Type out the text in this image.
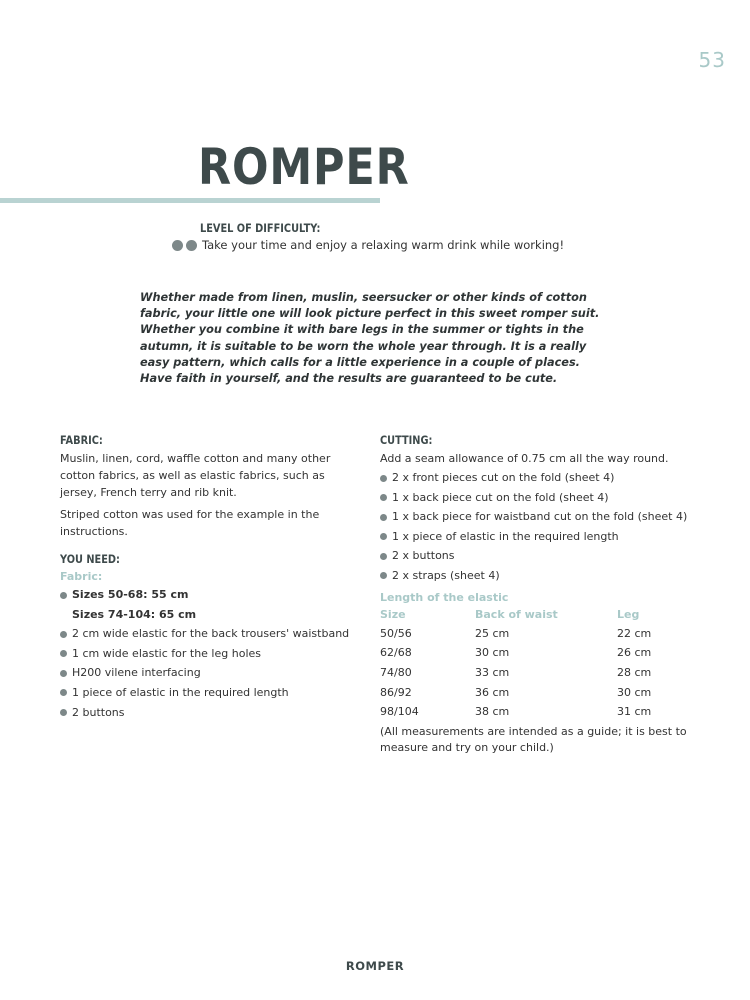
53
ROMPER
LEVEL OF DIFFICULTY:
Take your time and enjoy a relaxing warm drink while working!
Whether made from linen, muslin, seersucker or other kinds of cotton fabric, your little one will look picture perfect in this sweet romper suit. Whether you combine it with bare legs in the summer or tights in the autumn, it is suitable to be worn the whole year through. It is a really easy pattern, which calls for a little experience in a couple of places. Have faith in yourself, and the results are guaranteed to be cute.
FABRIC:

Muslin, linen, cord, waffle cotton and many other cotton fabrics, as well as elastic fabrics, such as jersey, French terry and rib knit.

Striped cotton was used for the example in the instructions.

YOU NEED:
Fabric:
Sizes 50-68: 55 cm
Sizes 74-104: 65 cm
2 cm wide elastic for the back trousers' waistband
1 cm wide elastic for the leg holes
H200 vilene interfacing
1 piece of elastic in the required length
2 buttons
CUTTING:

Add a seam allowance of 0.75 cm all the way round.

2 x front pieces cut on the fold (sheet 4)
1 x back piece cut on the fold (sheet 4)
1 x back piece for waistband cut on the fold (sheet 4)
1 x piece of elastic in the required length
2 x buttons
2 x straps (sheet 4)
Length of the elastic
Size	Back of waist	Leg
50/56	25 cm	22 cm
62/68	30 cm	26 cm
74/80	33 cm	28 cm
86/92	36 cm	30 cm
98/104	38 cm	31 cm

(All measurements are intended as a guide; it is best to measure and try on your child.)

ROMPER
